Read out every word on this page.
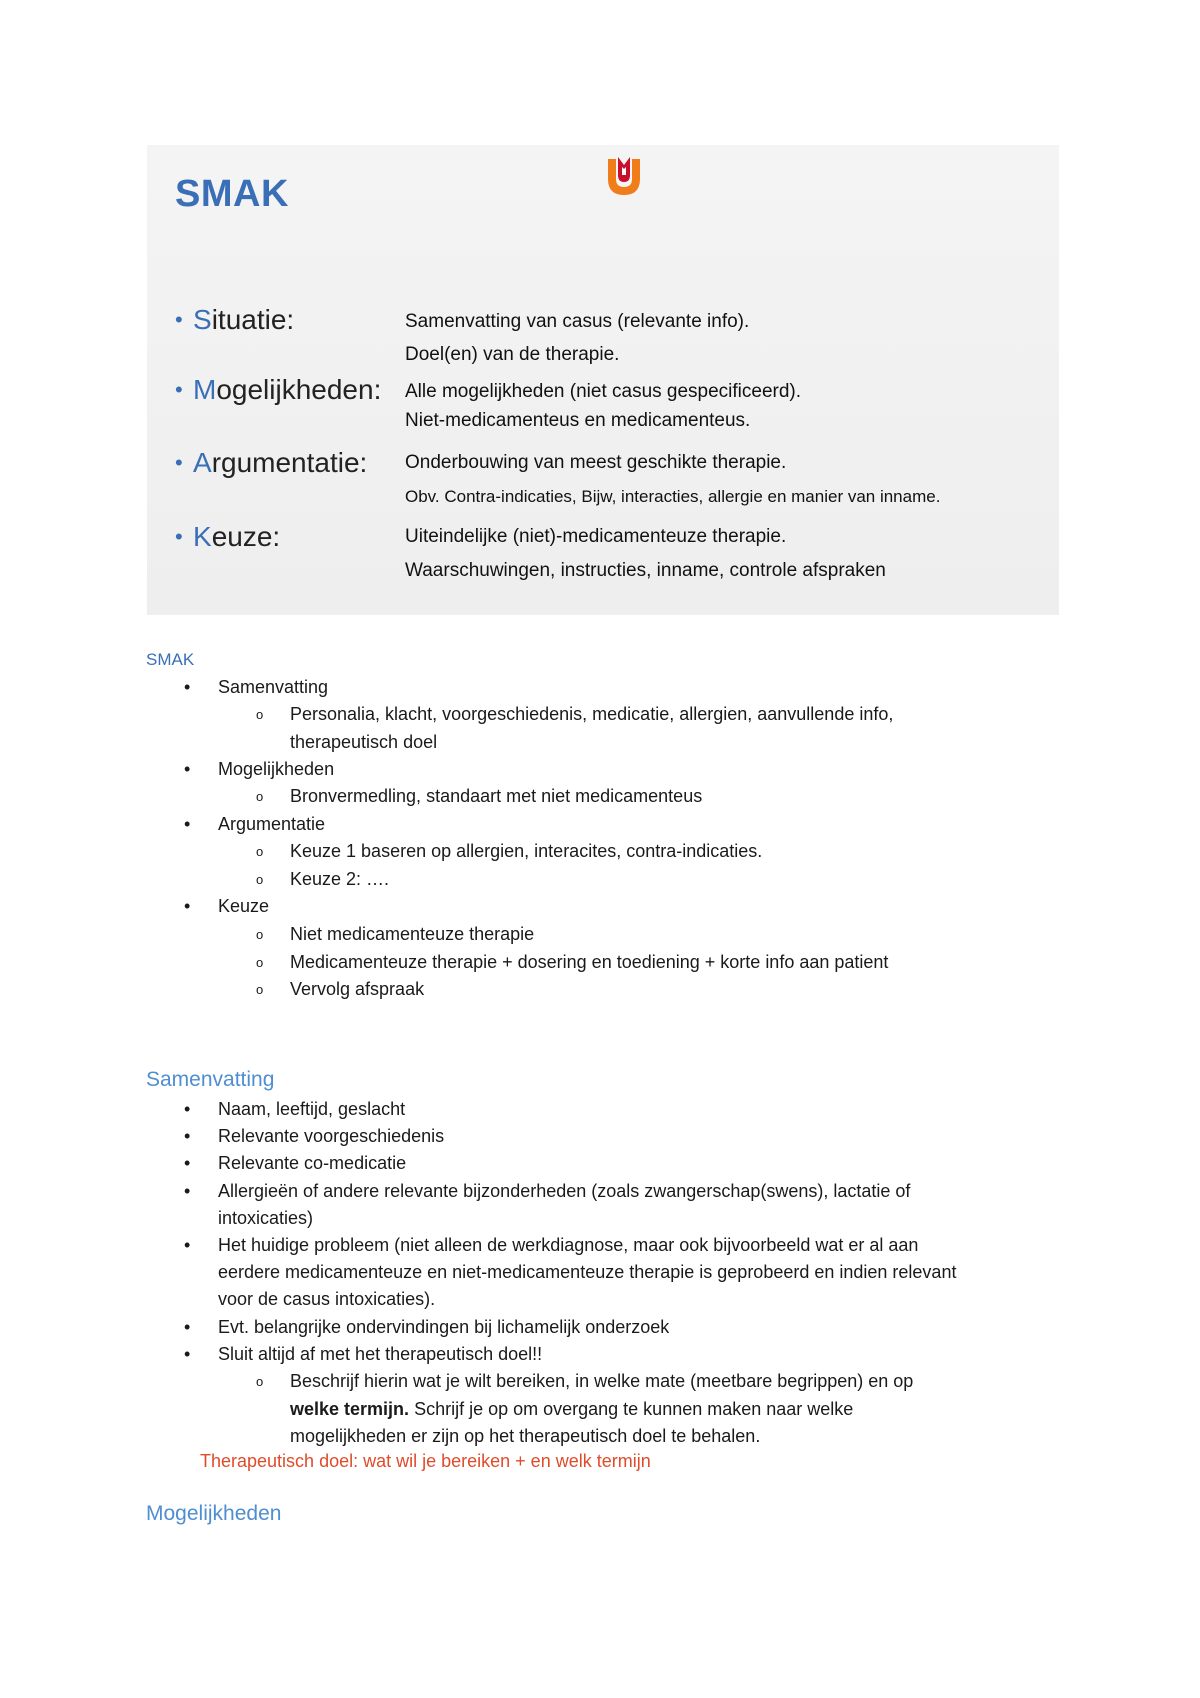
SMAK
• Situatie:	Samenvatting van casus (relevante info).
Doel(en) van de therapie.
• Mogelijkheden: Alle mogelijkheden (niet casus gespecificeerd).
Niet-medicamenteus en medicamenteus.
• Argumentatie: Onderbouwing van meest geschikte therapie.
Obv. Contra-indicaties, Bijw, interacties, allergie en manier van inname.
• Keuze:	Uiteindelijke (niet)-medicamenteuze therapie.
Waarschuwingen, instructies, inname, controle afspraken
SMAK
• Samenvatting
o Personalia, klacht, voorgeschiedenis, medicatie, allergien, aanvullende info,
therapeutisch doel
• Mogelijkheden
o Bronvermedling, standaart met niet medicamenteus
• Argumentatie
o Keuze 1 baseren op allergien, interacites, contra-indicaties.
o Keuze 2: ….
• Keuze
o Niet medicamenteuze therapie
o Medicamenteuze therapie + dosering en toediening + korte info aan patient
o Vervolg afspraak
Samenvatting
• Naam, leeftijd, geslacht
• Relevante voorgeschiedenis
• Relevante co-medicatie
• Allergieën of andere relevante bijzonderheden (zoals zwangerschap(swens), lactatie of
intoxicaties)
• Het huidige probleem (niet alleen de werkdiagnose, maar ook bijvoorbeeld wat er al aan
eerdere medicamenteuze en niet-medicamenteuze therapie is geprobeerd en indien relevant
voor de casus intoxicaties).
• Evt. belangrijke ondervindingen bij lichamelijk onderzoek
• Sluit altijd af met het therapeutisch doel!!
o Beschrijf hierin wat je wilt bereiken, in welke mate (meetbare begrippen) en op
welke termijn. Schrijf je op om overgang te kunnen maken naar welke
mogelijkheden er zijn op het therapeutisch doel te behalen.
Therapeutisch doel: wat wil je bereiken + en welk termijn
Mogelijkheden
